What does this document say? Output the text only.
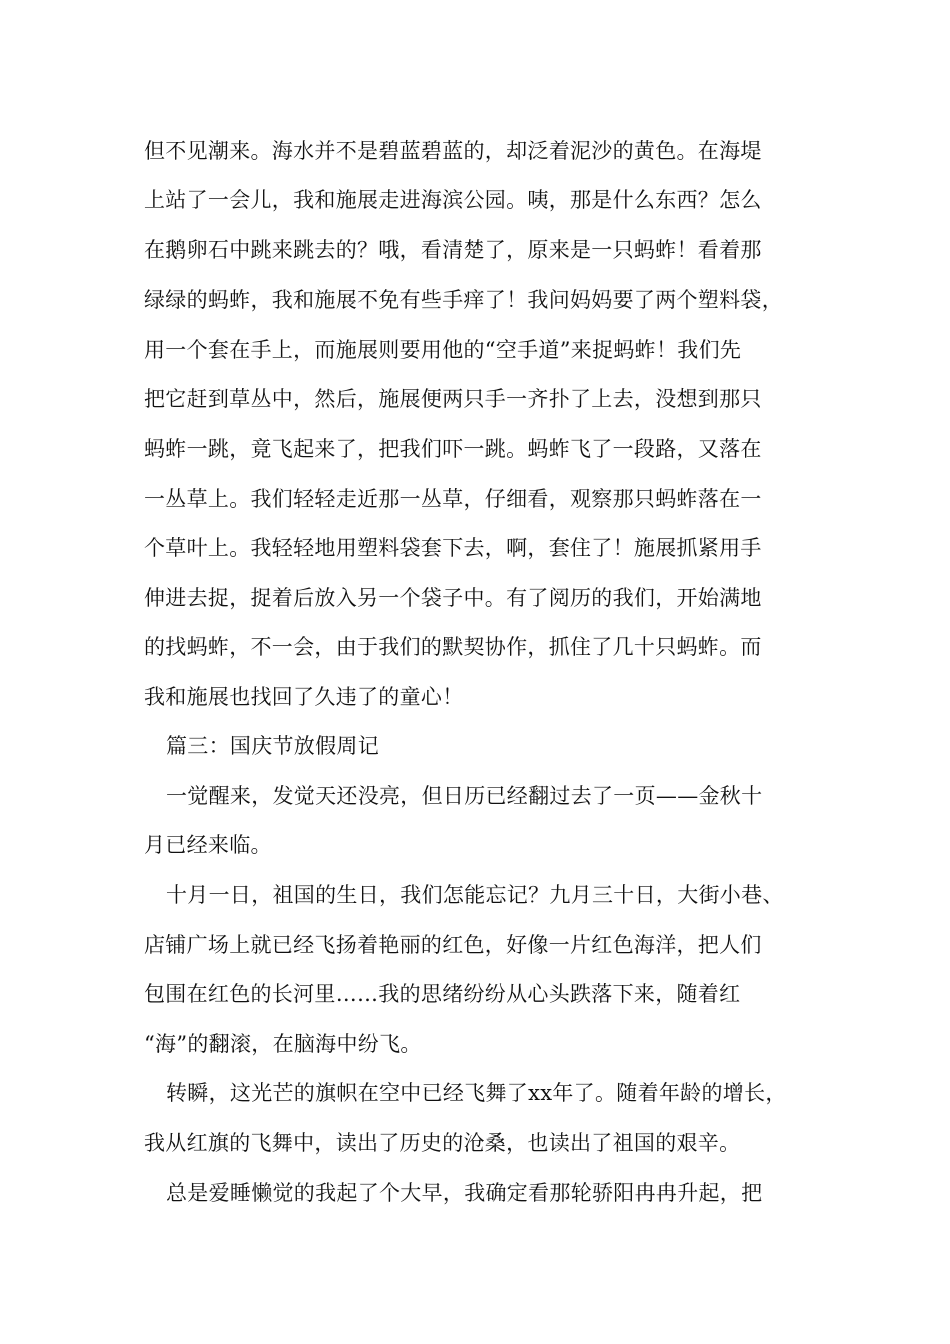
但不见潮来。海水并不是碧蓝碧蓝的，却泛着泥沙的黄色。在海堤
上站了一会儿，我和施展走进海滨公园。咦，那是什么东西？怎么
在鹅卵石中跳来跳去的？哦，看清楚了，原来是一只蚂蚱！看着那
绿绿的蚂蚱，我和施展不免有些手痒了！我问妈妈要了两个塑料袋，
用一个套在手上，而施展则要用他的“空手道”来捉蚂蚱！我们先
把它赶到草丛中，然后，施展便两只手一齐扑了上去，没想到那只
蚂蚱一跳，竟飞起来了，把我们吓一跳。蚂蚱飞了一段路，又落在
一丛草上。我们轻轻走近那一丛草，仔细看，观察那只蚂蚱落在一
个草叶上。我轻轻地用塑料袋套下去，啊，套住了！施展抓紧用手
伸进去捉，捉着后放入另一个袋子中。有了阅历的我们，开始满地
的找蚂蚱，不一会，由于我们的默契协作，抓住了几十只蚂蚱。而
我和施展也找回了久违了的童心！
篇三：国庆节放假周记
一觉醒来，发觉天还没亮，但日历已经翻过去了一页——金秋十
月已经来临。
十月一日，祖国的生日，我们怎能忘记？九月三十日，大街小巷、
店铺广场上就已经飞扬着艳丽的红色，好像一片红色海洋，把人们
包围在红色的长河里……我的思绪纷纷从心头跌落下来，随着红
“海”的翻滚，在脑海中纷飞。
转瞬，这光芒的旗帜在空中已经飞舞了xx年了。随着年龄的增长，
我从红旗的飞舞中，读出了历史的沧桑，也读出了祖国的艰辛。
总是爱睡懒觉的我起了个大早，我确定看那轮骄阳冉冉升起，把
